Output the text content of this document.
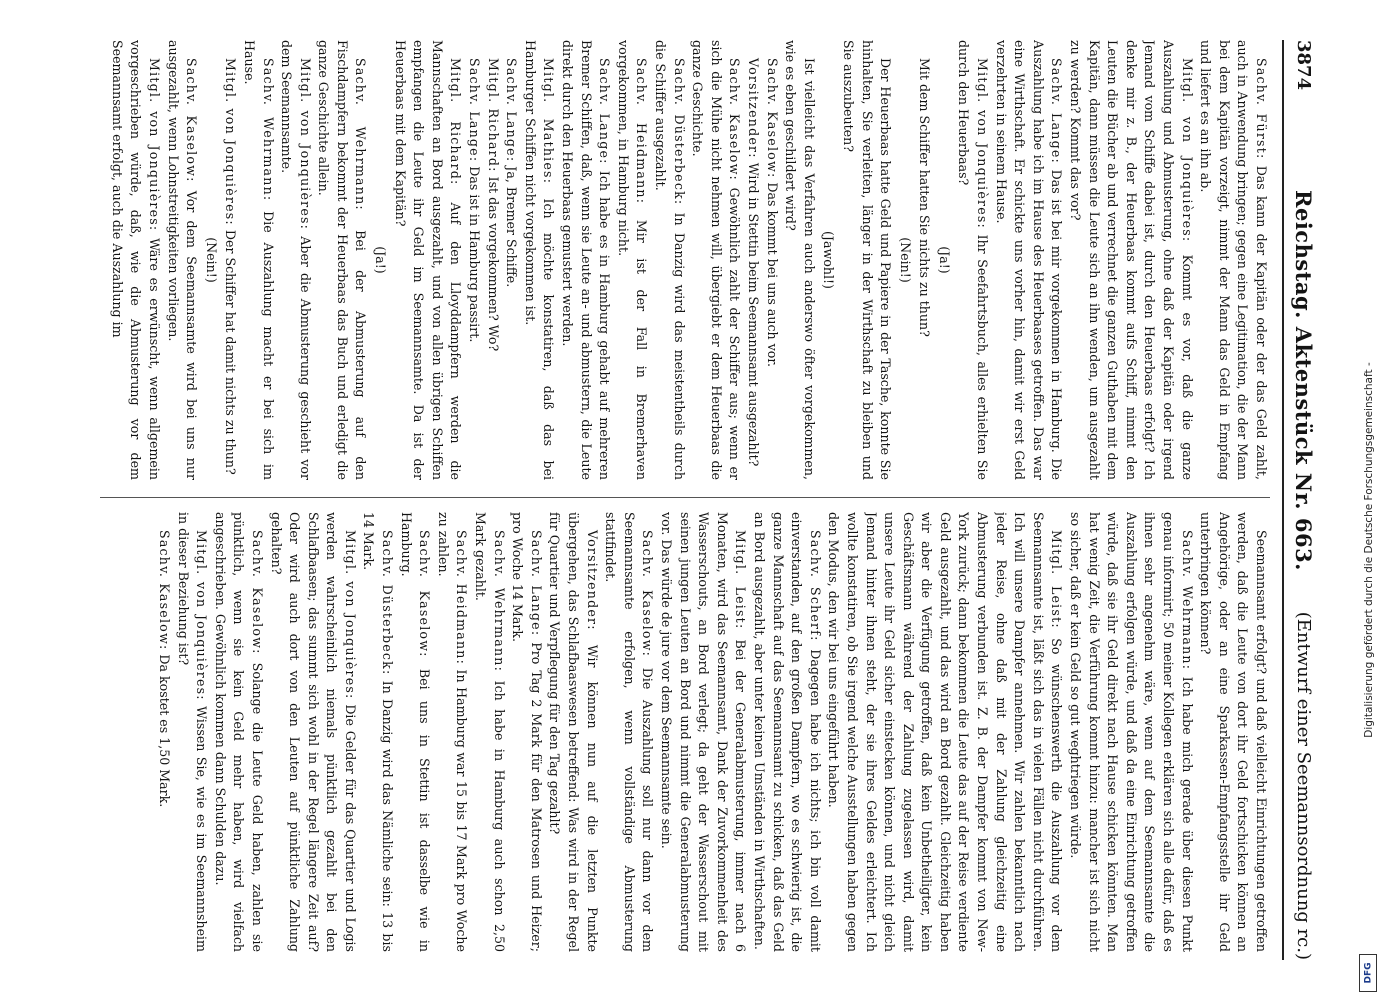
Digitalisierung gefördert durch die Deutsche Forschungsgemeinschaft -
DFG
3874
Reichstag. Aktenstück Nr. 663.
(Entwurf einer Seemannsordnung rc.)

Sachv. Fürst: Das kann der Kapitän oder der das Geld zahlt, auch in Anwendung bringen; gegen eine Legitimation, die der Mann bei dem Kapitän vorzeigt, nimmt der Mann das Geld in Empfang und liefert es an ihn ab.

Mitgl. von Jonquières: Kommt es vor, daß die ganze Auszahlung und Abmusterung, ohne daß der Kapitän oder irgend Jemand vom Schiffe dabei ist, durch den Heuerbaas erfolgt? Ich denke mir z. B., der Heuerbaas kommt aufs Schiff, nimmt den Leuten die Bücher ab und verrechnet die ganzen Guthaben mit dem Kapitän, dann müssen die Leute sich an ihn wenden, um ausgezahlt zu werden? Kommt das vor?

Sachv. Lange: Das ist bei mir vorgekommen in Hamburg. Die Auszahlung habe ich im Hause des Heuerbaases getroffen. Das war eine Wirthschaft. Er schickte uns vorher hin, damit wir erst Geld verzehrten in seinem Hause.

Mitgl. von Jonquières: Ihr Seefahrtsbuch, alles erhielten Sie durch den Heuerbaas?

(Ja!)

Mit dem Schiffer hatten Sie nichts zu thun?

(Nein!)

Der Heuerbaas hatte Geld und Papiere in der Tasche, konnte Sie hinhalten, Sie verleiten, länger in der Wirthschaft zu bleiben und Sie auszubeuten?

(Jawohl!)

Ist vielleicht das Verfahren auch anderswo öfter vorgekommen, wie es eben geschildert wird?

Sachv. Kaselow: Das kommt bei uns auch vor.

Vorsitzender: Wird in Stettin beim Seemannsamt ausgezahlt?

Sachv. Kaselow: Gewöhnlich zahlt der Schiffer aus; wenn er sich die Mühe nicht nehmen will, übergiebt er dem Heuerbaas die ganze Geschichte.

Sachv. Düsterbeck: In Danzig wird das meistentheils durch die Schiffer ausgezahlt.

Sachv. Heidmann: Mir ist der Fall in Bremerhaven vorgekommen, in Hamburg nicht.

Sachv. Lange: Ich habe es in Hamburg gehabt auf mehreren Bremer Schiffen, daß, wenn sie Leute an- und abmustern, die Leute direkt durch den Heuerbaas gemustert werden.

Mitgl. Mathies: Ich möchte konstatiren, daß das bei Hamburger Schiffen nicht vorgekommen ist.

Sachv. Lange: Ja, Bremer Schiffe.

Mitgl. Richard: Ist das vorgekommen? Wo?

Sachv. Lange: Das ist in Hamburg passirt.

Mitgl. Richard: Auf den Lloyddampfern werden die Mannschaften an Bord ausgezahlt, und von allen übrigen Schiffen empfangen die Leute ihr Geld im Seemannsamte. Da ist der Heuerbaas mit dem Kapitän?

(Ja!)

Sachv. Wehrmann: Bei der Abmusterung auf den Fischdampfern bekommt der Heuerbaas das Buch und erledigt die ganze Geschichte allein.

Mitgl. von Jonquières: Aber die Abmusterung geschieht vor dem Seemannsamte.

Sachv. Wehrmann: Die Auszahlung macht er bei sich im Hause.

Mitgl. von Jonquières: Der Schiffer hat damit nichts zu thun?

(Nein!)

Sachv. Kaselow: Vor dem Seemannsamte wird bei uns nur ausgezahlt, wenn Lohnstreitigkeiten vorliegen.

Mitgl. von Jonquières: Wäre es erwünscht, wenn allgemein vorgeschrieben würde, daß, wie die Abmusterung vor dem Seemannsamt erfolgt, auch die Auszahlung im

Seemannsamt erfolgt? und daß vielleicht Einrichtungen getroffen werden, daß die Leute von dort ihr Geld fortschicken können an Angehörige, oder an eine Sparkassen-Empfangsstelle ihr Geld unterbringen können?

Sachv. Wehrmann: Ich habe mich gerade über diesen Punkt genau informirt; 50 meiner Kollegen erklären sich alle dafür, daß es ihnen sehr angenehm wäre, wenn auf dem Seemannsamte die Auszahlung erfolgen würde, und daß da eine Einrichtung getroffen würde, daß sie ihr Geld direkt nach Hause schicken könnten. Man hat wenig Zeit, die Verführung kommt hinzu: mancher ist sich nicht so sicher, daß er kein Geld so gut weghtriegen würde.

Mitgl. Leist: So wünschenswerth die Auszahlung vor dem Seemannsamte ist, läßt sich das in vielen Fällen nicht durchführen. Ich will unsere Dampfer annehmen. Wir zahlen bekanntlich nach jeder Reise, ohne daß mit der Zahlung gleichzeitig eine Abmusterung verbunden ist. Z. B. der Dampfer kommt von New-York zurück; dann bekommen die Leute das auf der Reise verdiente Geld ausgezahlt, und das wird an Bord gezahlt. Gleichzeitig haben wir aber die Verfügung getroffen, daß kein Unbetheiligter, kein Geschäftsmann während der Zahlung zugelassen wird, damit unsere Leute ihr Geld sicher einstecken können, und nicht gleich Jemand hinter ihnen steht, der sie ihres Geldes erleichtert. Ich wollte konstatiren, ob Sie irgend welche Ausstellungen haben gegen den Modus, den wir bei uns eingeführt haben.

Sachv. Scherf: Dagegen habe ich nichts; ich bin voll damit einverstanden, auf den großen Dampfern, wo es schwierig ist, die ganze Mannschaft auf das Seemannsamt zu schicken, daß das Geld an Bord ausgezahlt, aber unter keinen Umständen in Wirthschaften.

Mitgl. Leist: Bei der Generalabmusterung, immer nach 6 Monaten, wird das Seemannsamt, Dank der Zuvorkommenheit des Wasserschouts, an Bord verlegt; da geht der Wasserschout mit seinen jungen Leuten an Bord und nimmt die Generalabmusterung vor. Das würde de jure vor dem Seemannsamte sein.

Sachv. Kaselow: Die Auszahlung soll nur dann vor dem Seemannsamte erfolgen, wenn vollständige Abmusterung stattfindet.

Vorsitzender: Wir können nun auf die letzten Punkte übergehen, das Schlafbaaswesen betreffend: Was wird in der Regel für Quartier und Verpflegung für den Tag gezahlt?

Sachv. Lange: Pro Tag 2 Mark für den Matrosen und Heizer; pro Woche 14 Mark.

Sachv. Wehrmann: Ich habe in Hamburg auch schon 2,50 Mark gezahlt.

Sachv. Heidmann: In Hamburg war 15 bis 17 Mark pro Woche zu zahlen.

Sachv. Kaselow: Bei uns in Stettin ist dasselbe wie in Hamburg.

Sachv. Düsterbeck: In Danzig wird das Nämliche sein: 13 bis 14 Mark.

Mitgl. von Jonquières: Die Gelder für das Quartier und Logis werden wahrscheinlich niemals pünktlich gezahlt bei den Schlafbaasen; das summt sich wohl in der Regel längere Zeit auf? Oder wird auch dort von den Leuten auf pünktliche Zahlung gehalten?

Sachv. Kaselow: Solange die Leute Geld haben, zahlen sie pünktlich, wenn sie kein Geld mehr haben, wird vielfach angeschrieben. Gewöhnlich kommen dann Schulden dazu.

Mitgl. von Jonquières: Wissen Sie, wie es im Seemannsheim in dieser Beziehung ist?

Sachv. Kaselow: Da kostet es 1,50 Mark.
